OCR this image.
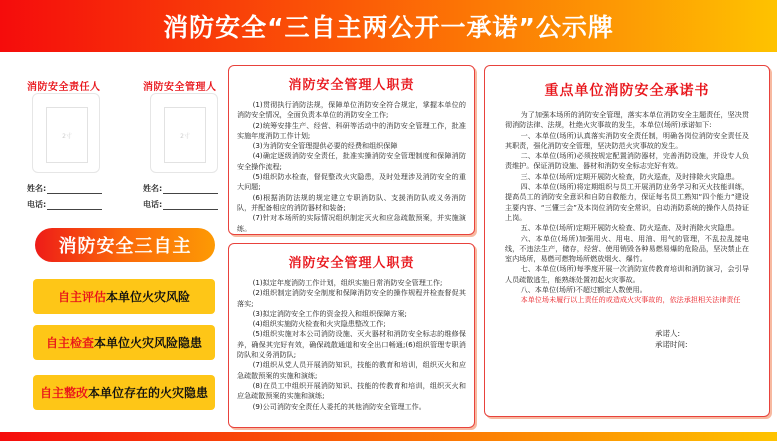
消防安全“三自主两公开一承诺”公示牌
消防安全责任人
2寸
姓名:
电话:
消防安全管理人
2寸
姓名:
电话:
消防安全三自主
自主评估 本单位火灾风险
自主检查 本单位火灾风险隐患
自主整改 本单位存在的火灾隐患
消防安全管理人职责

(1)贯彻执行消防法规，保障单位消防安全符合规定，掌握本单位的消防安全情况，全面负责本单位的消防安全工作;

(2)统筹安排生产、经营、科研等活动中的消防安全管理工作，批准实施年度消防工作计划;

(3)为消防安全管理提供必要的经费和组织保障

(4)确定逐级消防安全责任，批准实操消防安全管理制度和保障消防安全操作流程;

(5)组织防水检查，督促整改火灾隐患，及时处理涉及消防安全的重大问题;

(6)根据消防法规的规定建立专职消防队、支援消防队或义务消防队，并配备相应的消防器材和装备;

(7)针对本场所的实际情况组织制定灭火和应急疏散预案，并实施演练。

消防安全管理人职责

(1)拟定年度消防工作计划，组织实施日常消防安全管理工作;

(2)组织制定消防安全制度和保障消防安全的操作规程并检查督促其落实;

(3)拟定消防安全工作的资金投入和组织保障方案;

(4)组织实施防火检查和火灾隐患整改工作;

(5)组织实施对本公司消防设施、灭火器材和消防安全标志的维修保养，确保其完好有效，确保疏散通道和安全出口畅通;(6)组织管理专职消防队和义务消防队;

(7)组织从党人员开展消防知识，技能的教育和培训，组织灭火和应急疏散预案的实施和演练;

(8)在员工中组织开展消防知识、技能的传教育和培训，组织灭火和应急疏散预案的实施和演练;

(9)公司消防安全责任人委托的其他消防安全管理工作。

重点单位消防安全承诺书

为了加强本场所的消防安全管理，落实本单位消防安全主题责任，坚决贯彻消防法律、法规，杜绝火灾事故的发生，本单位(场所)承诺如下:

一、本单位(场所)认真落实消防安全责任制，明确各岗位消防安全责任及其职责，强化消防安全管理，坚决防范火灾事故的发生。

二、本单位(场所)必须按规定配置消防器材，完善消防设施，并设专人负责维护。保证消防设施、器材和消防安全标志完好有效。

三、本单位(场所)定期开展防火检查，防火巡查，及时排除火灾隐患。

四、本单位(场所)将定期组织与员工开展消防业务学习和灭火技能训练，提高员工的消防安全意识和自防自救能力，保证每名员工熟知“四个能力“建设主要内容、“三懂三会”及本岗位消防安全常识，自动消防系统的操作人员持证上岗。

五、本单位(场所)定期开展防火检查、防火巡查、及时消除火灾隐患。

六、本单位(场所)加强用火、用电、用油、用气的管理，不乱拉乱接电线，不违法生产，储存，经营、使用销毁各种易燃易爆的危险品，坚决禁止在室内场所，易燃可燃物场所燃放烟火、爆竹。

七、本单位(场所)每季度开展一次消防宣传教育培训和消防演习，会引导人员疏散逃生，能熟练处置初起火灾事故。

八、本单位(场所)不超过额定人数使用。

本单位场未履行以上责任的或造成火灾事故的，依法承担相关法律责任

承诺人:
承诺时间:
